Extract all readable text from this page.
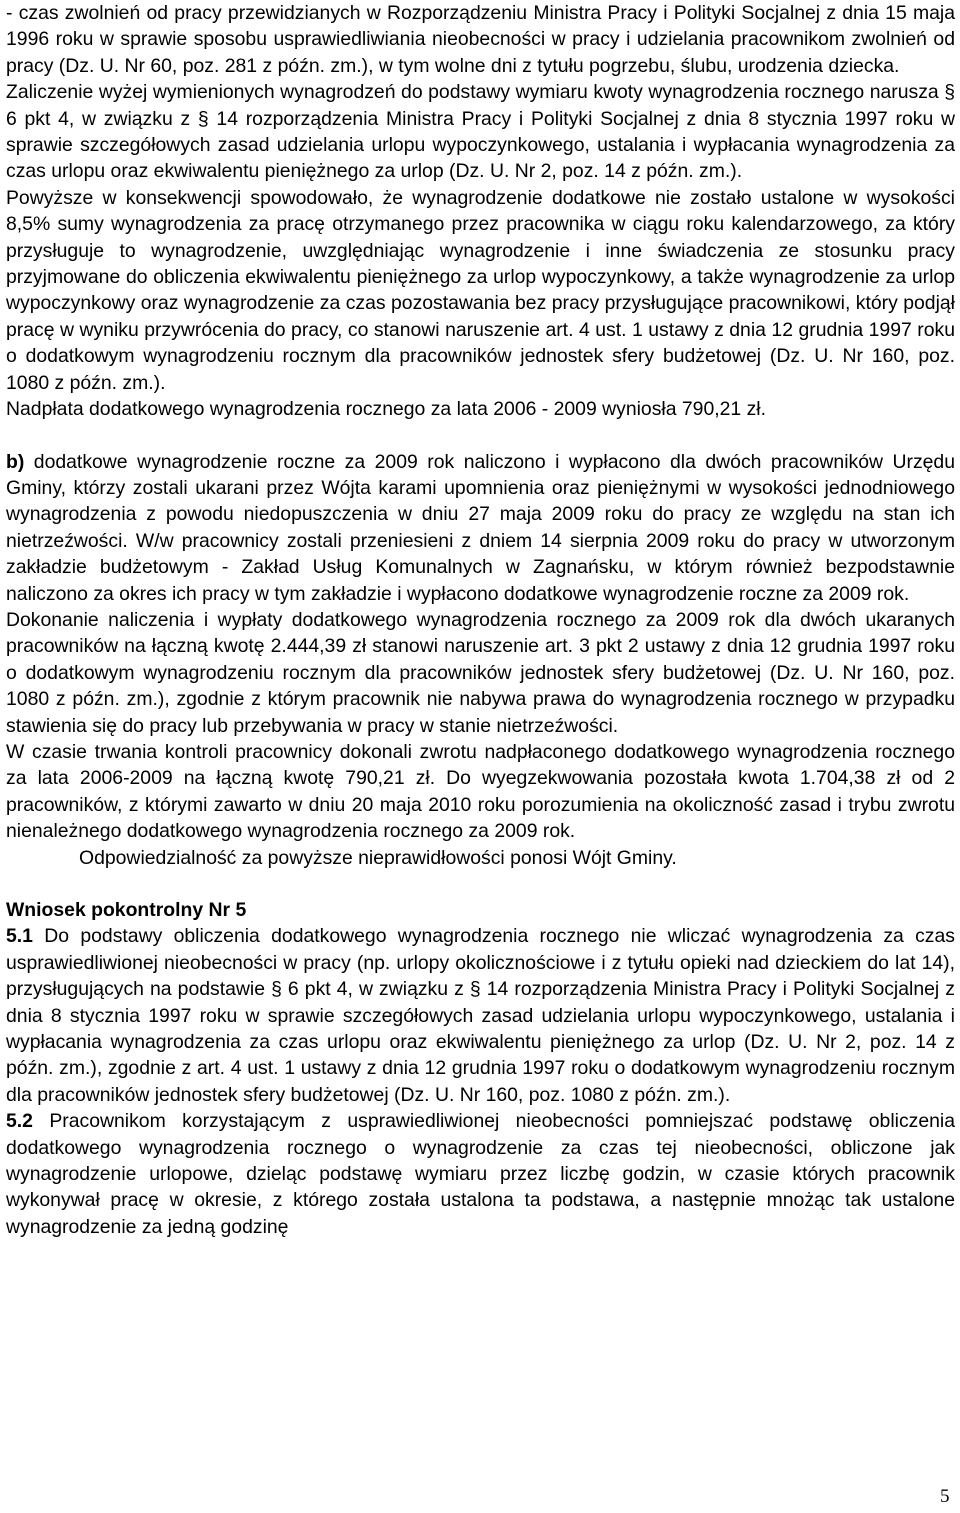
- czas zwolnień od pracy przewidzianych w Rozporządzeniu Ministra Pracy i Polityki Socjalnej z dnia 15 maja 1996 roku w sprawie sposobu usprawiedliwiania nieobecności w pracy i udzielania pracownikom zwolnień od pracy (Dz. U. Nr 60, poz. 281 z późn. zm.), w tym wolne dni z tytułu pogrzebu, ślubu, urodzenia dziecka.

Zaliczenie wyżej wymienionych wynagrodzeń do podstawy wymiaru kwoty wynagrodzenia rocznego narusza § 6 pkt 4, w związku z § 14 rozporządzenia Ministra Pracy i Polityki Socjalnej z dnia 8 stycznia 1997 roku w sprawie szczegółowych zasad udzielania urlopu wypoczynkowego, ustalania i wypłacania wynagrodzenia za czas urlopu oraz ekwiwalentu pieniężnego za urlop (Dz. U. Nr 2, poz. 14 z późn. zm.).

Powyższe w konsekwencji spowodowało, że wynagrodzenie dodatkowe nie zostało ustalone w wysokości 8,5% sumy wynagrodzenia za pracę otrzymanego przez pracownika w ciągu roku kalendarzowego, za który przysługuje to wynagrodzenie, uwzględniając wynagrodzenie i inne świadczenia ze stosunku pracy przyjmowane do obliczenia ekwiwalentu pieniężnego za urlop wypoczynkowy, a także wynagrodzenie za urlop wypoczynkowy oraz wynagrodzenie za czas pozostawania bez pracy przysługujące pracownikowi, który podjął pracę w wyniku przywrócenia do pracy, co stanowi naruszenie art. 4 ust. 1 ustawy z dnia 12 grudnia 1997 roku o dodatkowym wynagrodzeniu rocznym dla pracowników jednostek sfery budżetowej (Dz. U. Nr 160, poz. 1080 z późn. zm.).

Nadpłata dodatkowego wynagrodzenia rocznego za lata 2006 - 2009 wyniosła 790,21 zł.

b) dodatkowe wynagrodzenie roczne za 2009 rok naliczono i wypłacono dla dwóch pracowników Urzędu Gminy, którzy zostali ukarani przez Wójta karami upomnienia oraz pieniężnymi w wysokości jednodniowego wynagrodzenia z powodu niedopuszczenia w dniu 27 maja 2009 roku do pracy ze względu na stan ich nietrzeźwości. W/w pracownicy zostali przeniesieni z dniem 14 sierpnia 2009 roku do pracy w utworzonym zakładzie budżetowym - Zakład Usług Komunalnych w Zagnańsku, w którym również bezpodstawnie naliczono za okres ich pracy w tym zakładzie i wypłacono dodatkowe wynagrodzenie roczne za 2009 rok.

Dokonanie naliczenia i wypłaty dodatkowego wynagrodzenia rocznego za 2009 rok dla dwóch ukaranych pracowników na łączną kwotę 2.444,39 zł stanowi naruszenie art. 3 pkt 2 ustawy z dnia 12 grudnia 1997 roku o dodatkowym wynagrodzeniu rocznym dla pracowników jednostek sfery budżetowej (Dz. U. Nr 160, poz. 1080 z późn. zm.), zgodnie z którym pracownik nie nabywa prawa do wynagrodzenia rocznego w przypadku stawienia się do pracy lub przebywania w pracy w stanie nietrzeźwości.

W czasie trwania kontroli pracownicy dokonali zwrotu nadpłaconego dodatkowego wynagrodzenia rocznego za lata 2006-2009 na łączną kwotę 790,21 zł. Do wyegzekwowania pozostała kwota 1.704,38 zł od 2 pracowników, z którymi zawarto w dniu 20 maja 2010 roku porozumienia na okoliczność zasad i trybu zwrotu nienależnego dodatkowego wynagrodzenia rocznego za 2009 rok.

Odpowiedzialność za powyższe nieprawidłowości ponosi Wójt Gminy.

Wniosek pokontrolny Nr 5

5.1 Do podstawy obliczenia dodatkowego wynagrodzenia rocznego nie wliczać wynagrodzenia za czas usprawiedliwionej nieobecności w pracy (np. urlopy okolicznościowe i z tytułu opieki nad dzieckiem do lat 14), przysługujących na podstawie § 6 pkt 4, w związku z § 14 rozporządzenia Ministra Pracy i Polityki Socjalnej z dnia 8 stycznia 1997 roku w sprawie szczegółowych zasad udzielania urlopu wypoczynkowego, ustalania i wypłacania wynagrodzenia za czas urlopu oraz ekwiwalentu pieniężnego za urlop (Dz. U. Nr 2, poz. 14 z późn. zm.), zgodnie z art. 4 ust. 1 ustawy z dnia 12 grudnia 1997 roku o dodatkowym wynagrodzeniu rocznym dla pracowników jednostek sfery budżetowej (Dz. U. Nr 160, poz. 1080 z późn. zm.).

5.2 Pracownikom korzystającym z usprawiedliwionej nieobecności pomniejszać podstawę obliczenia dodatkowego wynagrodzenia rocznego o wynagrodzenie za czas tej nieobecności, obliczone jak wynagrodzenie urlopowe, dzieląc podstawę wymiaru przez liczbę godzin, w czasie których pracownik wykonywał pracę w okresie, z którego została ustalona ta podstawa, a następnie mnożąc tak ustalone wynagrodzenie za jedną godzinę

5
